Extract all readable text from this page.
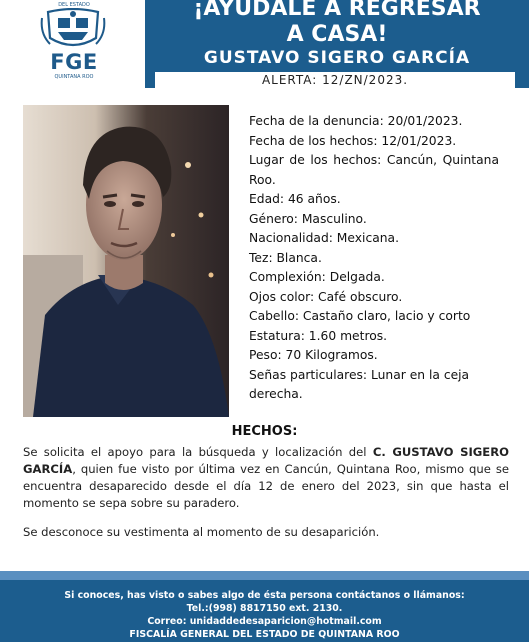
DEL ESTADO
FGE
QUINTANA ROO
¡AYUDALE A REGRESAR
A CASA!
GUSTAVO SIGERO GARCÍA
ALERTA: 12/ZN/2023.
Fecha de la denuncia: 20/01/2023.
Fecha de los hechos: 12/01/2023.
Lugar de los hechos: Cancún, Quintana Roo.
Edad: 46 años.
Género: Masculino.
Nacionalidad: Mexicana.
Tez: Blanca.
Complexión: Delgada.
Ojos color: Café obscuro.
Cabello: Castaño claro, lacio y corto
Estatura: 1.60 metros.
Peso: 70 Kilogramos.
Señas particulares: Lunar en la ceja derecha.
HECHOS:
Se solicita el apoyo para la búsqueda y localización del C. GUSTAVO SIGERO GARCÍA, quien fue visto por última vez en Cancún, Quintana Roo, mismo que se encuentra desaparecido desde el día 12 de enero del 2023, sin que hasta el momento se sepa sobre su paradero.
Se desconoce su vestimenta al momento de su desaparición.
Si conoces, has visto o sabes algo de ésta persona contáctanos o llámanos:
Tel.:(998) 8817150 ext. 2130.
Correo: unidaddedesaparicion@hotmail.com
FISCALÍA GENERAL DEL ESTADO DE QUINTANA ROO
